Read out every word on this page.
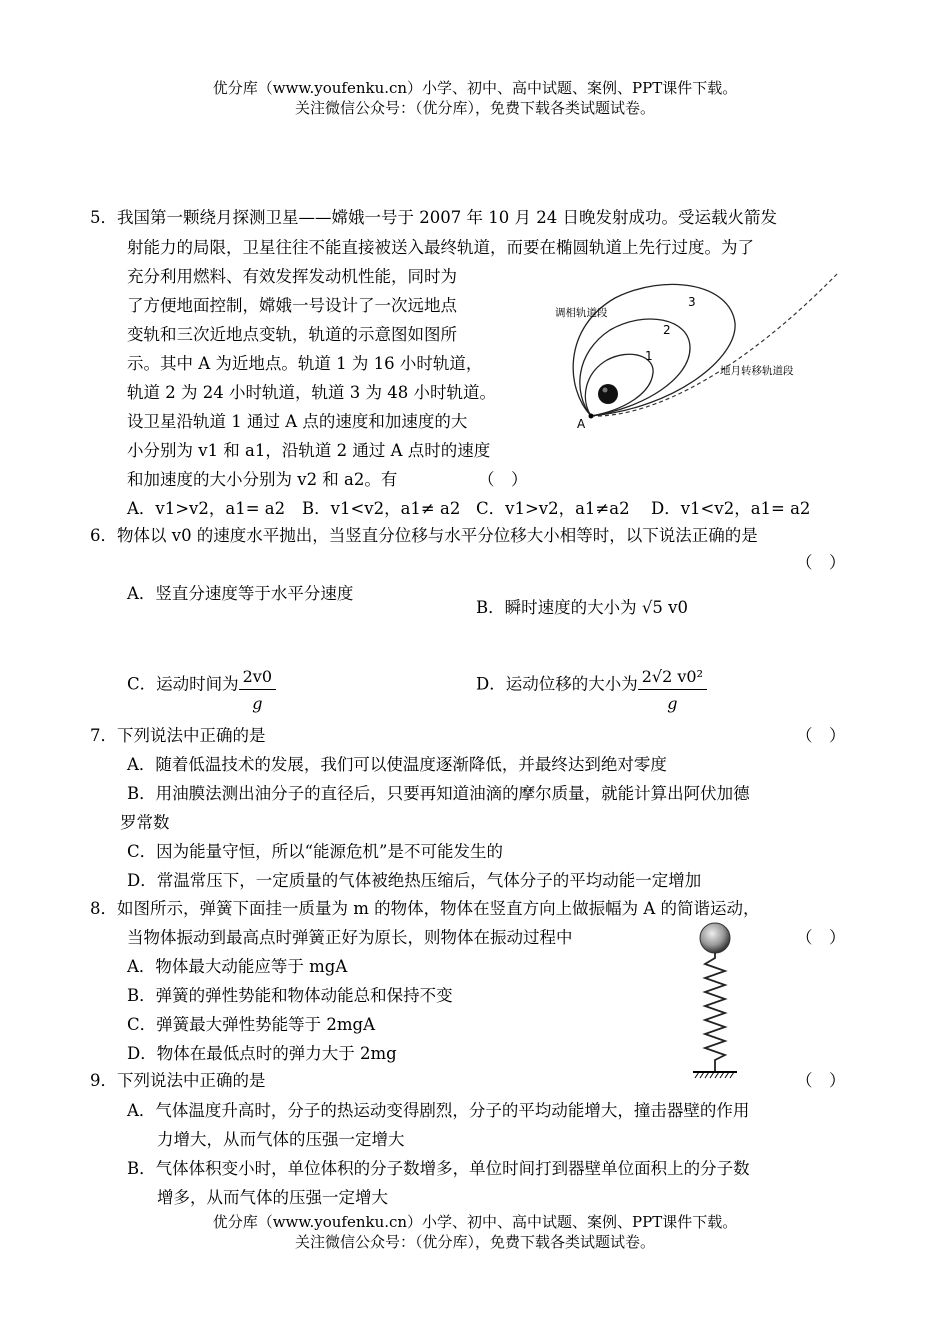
优分库（www.youfenku.cn）小学、初中、高中试题、案例、PPT课件下载。
关注微信公众号：（优分库），免费下载各类试题试卷。
5．我国第一颗绕月探测卫星——嫦娥一号于 2007 年 10 月 24 日晚发射成功。受运载火箭发
射能力的局限，卫星往往不能直接被送入最终轨道，而要在椭圆轨道上先行过度。为了
充分利用燃料、有效发挥发动机性能，同时为
了方便地面控制，嫦娥一号设计了一次远地点
变轨和三次近地点变轨，轨道的示意图如图所
示。其中 A 为近地点。轨道 1 为 16 小时轨道，
轨道 2 为 24 小时轨道，轨道 3 为 48 小时轨道。
设卫星沿轨道 1 通过 A 点的速度和加速度的大
小分别为 v1 和 a1，沿轨道 2 通过 A 点时的速度
和加速度的大小分别为 v2 和 a2。有	（　）
A．v1>v2，a1= a2 B．v1<v2，a1≠ a2 C．v1>v2，a1≠a2 D．v1<v2，a1= a2
A
1
2
3
调相轨道段
地月转移轨道段
6．物体以 v0 的速度水平抛出，当竖直分位移与水平分位移大小相等时，以下说法正确的是
（　）
A．竖直分速度等于水平分速度
B．瞬时速度的大小为 √5 v0
C．运动时间为 $\frac{2v0}{g}$	D．运动位移的大小为 $\frac{\text{2√2 v0²}}{g}$
7．下列说法中正确的是	（　）
A．随着低温技术的发展，我们可以使温度逐渐降低，并最终达到绝对零度
B．用油膜法测出油分子的直径后，只要再知道油滴的摩尔质量，就能计算出阿伏加德
罗常数
C．因为能量守恒，所以“能源危机”是不可能发生的
D．常温常压下，一定质量的气体被绝热压缩后，气体分子的平均动能一定增加
8．如图所示，弹簧下面挂一质量为 m 的物体，物体在竖直方向上做振幅为 A 的简谐运动，
当物体振动到最高点时弹簧正好为原长，则物体在振动过程中	（　）
A．物体最大动能应等于 mgA
B．弹簧的弹性势能和物体动能总和保持不变
C．弹簧最大弹性势能等于 2mgA
D．物体在最低点时的弹力大于 2mg
9．下列说法中正确的是	（　）
A．气体温度升高时，分子的热运动变得剧烈，分子的平均动能增大，撞击器壁的作用
力增大，从而气体的压强一定增大
B．气体体积变小时，单位体积的分子数增多，单位时间打到器壁单位面积上的分子数
增多，从而气体的压强一定增大
优分库（www.youfenku.cn）小学、初中、高中试题、案例、PPT课件下载。
关注微信公众号：（优分库），免费下载各类试题试卷。
